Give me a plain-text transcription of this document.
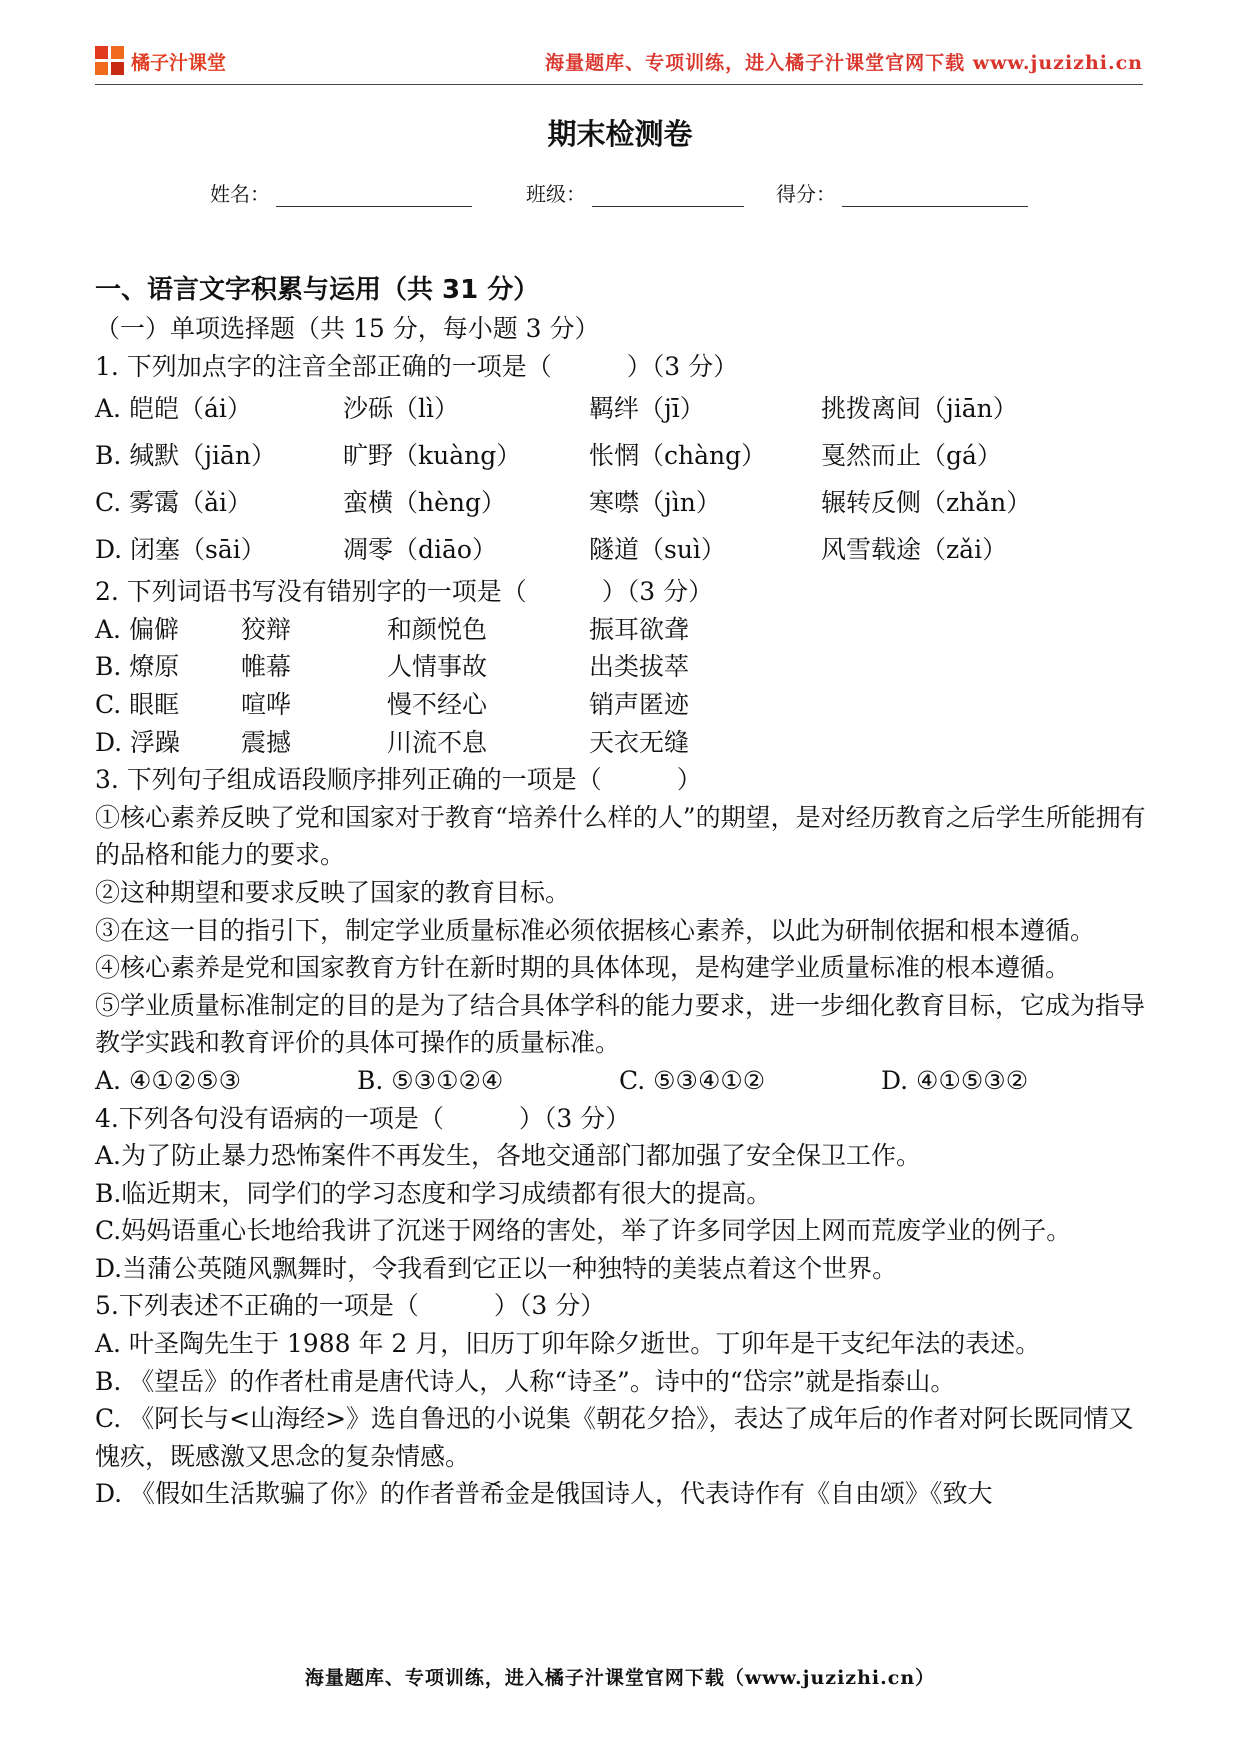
橘子汁课堂	海量题库、专项训练，进入橘子汁课堂官网下载 www.juzizhi.cn
期末检测卷
姓名：	班级：	得分：
一、语言文字积累与运用（共 31 分）
（一）单项选择题（共 15 分，每小题 3 分）
1. 下列加点字的注音全部正确的一项是（　　　）（3 分）
A. 皑皑（ái）	沙砾（lì）	羁绊（jī）	挑拨离间（jiān）
B. 缄默（jiān）	旷野（kuàng）	怅惘（chàng）	戛然而止（gá）
C. 雾霭（ǎi）	蛮横（hèng）	寒噤（jìn）	辗转反侧（zhǎn）
D. 闭塞（sāi）	凋零（diāo）	隧道（suì）	风雪载途（zǎi）
2. 下列词语书写没有错别字的一项是（　　　）（3 分）
A. 偏僻	狡辩	和颜悦色	振耳欲聋
B. 燎原	帷幕	人情事故	出类拔萃
C. 眼眶	喧哗	慢不经心	销声匿迹
D. 浮躁	震撼	川流不息	天衣无缝
3. 下列句子组成语段顺序排列正确的一项是（　　　）
①核心素养反映了党和国家对于教育“培养什么样的人”的期望，是对经历教育之后学生所能拥有的品格和能力的要求。
②这种期望和要求反映了国家的教育目标。
③在这一目的指引下，制定学业质量标准必须依据核心素养，以此为研制依据和根本遵循。
④核心素养是党和国家教育方针在新时期的具体体现，是构建学业质量标准的根本遵循。
⑤学业质量标准制定的目的是为了结合具体学科的能力要求，进一步细化教育目标，它成为指导教学实践和教育评价的具体可操作的质量标准。
A. ④①②⑤③	B. ⑤③①②④	C. ⑤③④①②	D. ④①⑤③②
4.下列各句没有语病的一项是（　　　）（3 分）
A.为了防止暴力恐怖案件不再发生，各地交通部门都加强了安全保卫工作。
B.临近期末，同学们的学习态度和学习成绩都有很大的提高。
C.妈妈语重心长地给我讲了沉迷于网络的害处，举了许多同学因上网而荒废学业的例子。
D.当蒲公英随风飘舞时，令我看到它正以一种独特的美装点着这个世界。
5.下列表述不正确的一项是（　　　）（3 分）
A. 叶圣陶先生于 1988 年 2 月，旧历丁卯年除夕逝世。丁卯年是干支纪年法的表述。
B. 《望岳》的作者杜甫是唐代诗人，人称“诗圣”。诗中的“岱宗”就是指泰山。
C. 《阿长与<山海经>》选自鲁迅的小说集《朝花夕拾》，表达了成年后的作者对阿长既同情又愧疚，既感激又思念的复杂情感。
D. 《假如生活欺骗了你》的作者普希金是俄国诗人，代表诗作有《自由颂》《致大
海量题库、专项训练，进入橘子汁课堂官网下载（www.juzizhi.cn）
